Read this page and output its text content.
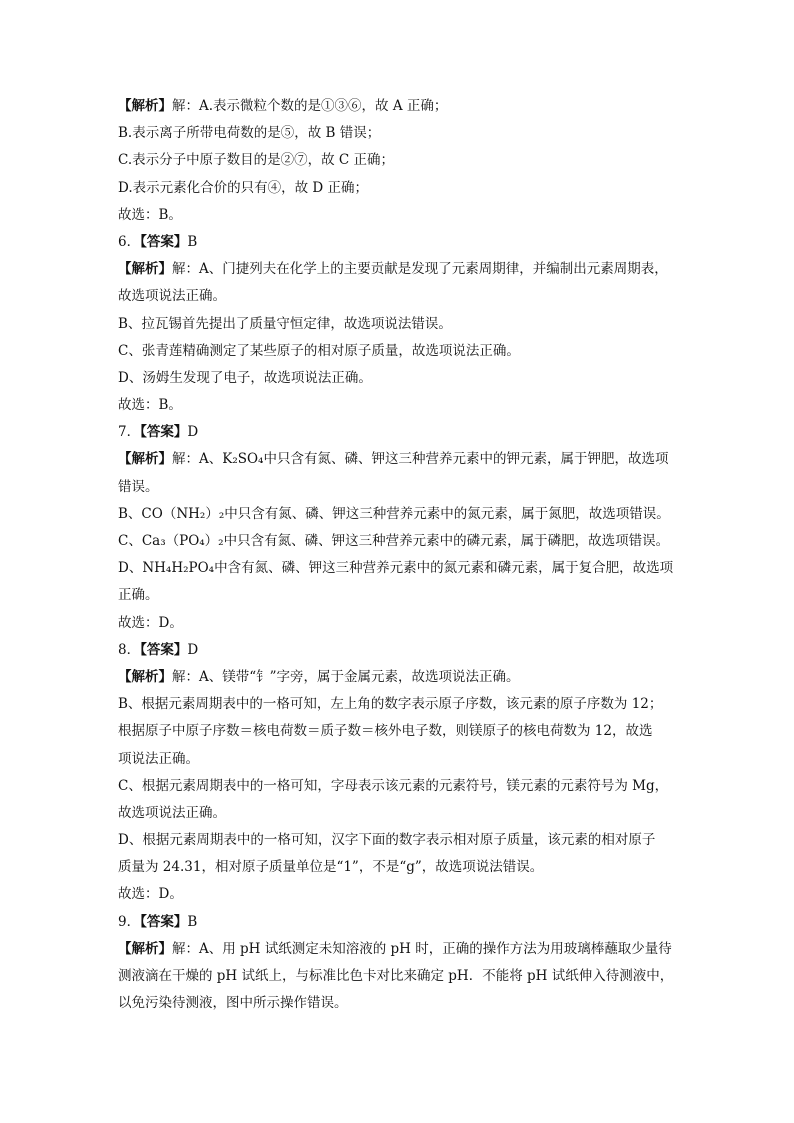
【解析】解：A.表示微粒个数的是①③⑥，故 A 正确；
B.表示离子所带电荷数的是⑤，故 B 错误；
C.表示分子中原子数目的是②⑦，故 C 正确；
D.表示元素化合价的只有④，故 D 正确；
故选：B。
6．【答案】B
【解析】解：A、门捷列夫在化学上的主要贡献是发现了元素周期律，并编制出元素周期表，
故选项说法正确。
B、拉瓦锡首先提出了质量守恒定律，故选项说法错误。
C、张青莲精确测定了某些原子的相对原子质量，故选项说法正确。
D、汤姆生发现了电子，故选项说法正确。
故选：B。
7．【答案】D
【解析】解：A、K₂SO₄中只含有氮、磷、钾这三种营养元素中的钾元素，属于钾肥，故选项
错误。
B、CO（NH₂）₂中只含有氮、磷、钾这三种营养元素中的氮元素，属于氮肥，故选项错误。
C、Ca₃（PO₄）₂中只含有氮、磷、钾这三种营养元素中的磷元素，属于磷肥，故选项错误。
D、NH₄H₂PO₄中含有氮、磷、钾这三种营养元素中的氮元素和磷元素，属于复合肥，故选项
正确。
故选：D。
8．【答案】D
【解析】解：A、镁带“钅”字旁，属于金属元素，故选项说法正确。
B、根据元素周期表中的一格可知，左上角的数字表示原子序数，该元素的原子序数为 12；
根据原子中原子序数＝核电荷数＝质子数＝核外电子数，则镁原子的核电荷数为 12，故选
项说法正确。
C、根据元素周期表中的一格可知，字母表示该元素的元素符号，镁元素的元素符号为 Mg，
故选项说法正确。
D、根据元素周期表中的一格可知，汉字下面的数字表示相对原子质量，该元素的相对原子
质量为 24.31，相对原子质量单位是“1”，不是“g”，故选项说法错误。
故选：D。
9．【答案】B
【解析】解：A、用 pH 试纸测定未知溶液的 pH 时，正确的操作方法为用玻璃棒蘸取少量待
测液滴在干燥的 pH 试纸上，与标准比色卡对比来确定 pH．不能将 pH 试纸伸入待测液中，
以免污染待测液，图中所示操作错误。
